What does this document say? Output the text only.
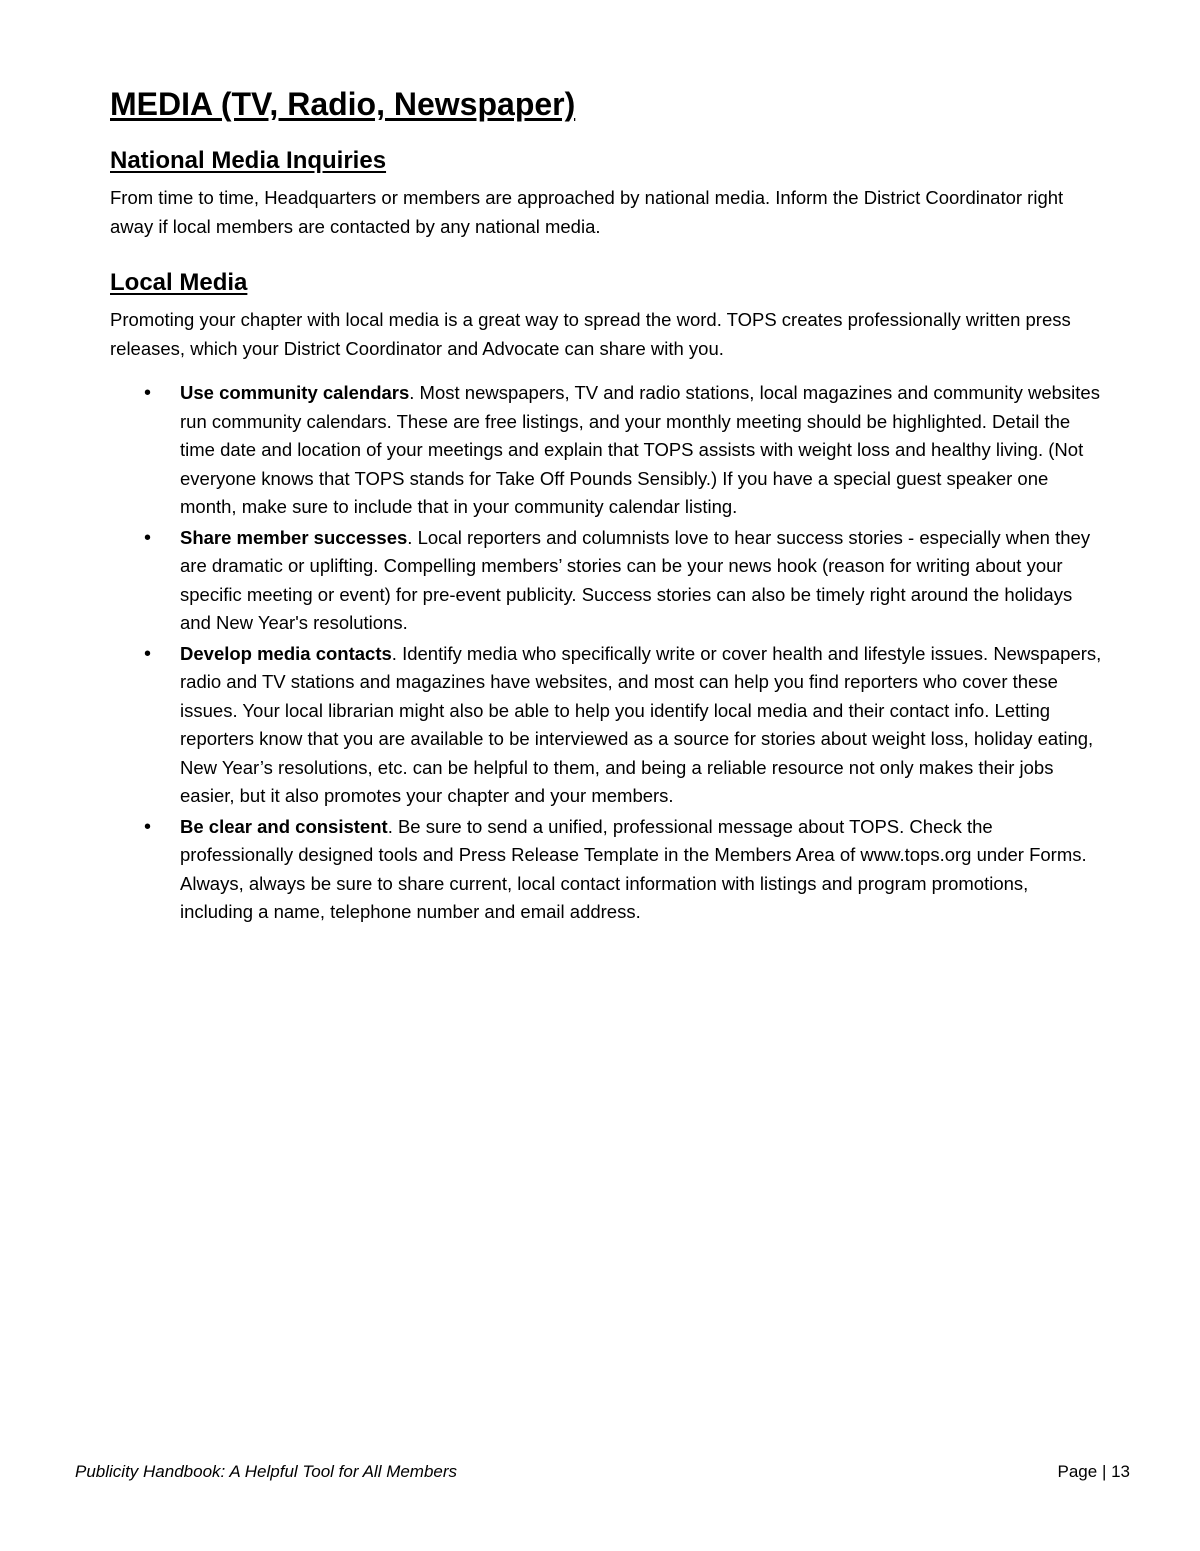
MEDIA (TV, Radio, Newspaper)
National Media Inquiries

From time to time, Headquarters or members are approached by national media. Inform the District Coordinator right away if local members are contacted by any national media.

Local Media

Promoting your chapter with local media is a great way to spread the word. TOPS creates professionally written press releases, which your District Coordinator and Advocate can share with you.

• Use community calendars. Most newspapers, TV and radio stations, local magazines and community websites run community calendars. These are free listings, and your monthly meeting should be highlighted. Detail the time date and location of your meetings and explain that TOPS assists with weight loss and healthy living. (Not everyone knows that TOPS stands for Take Off Pounds Sensibly.) If you have a special guest speaker one month, make sure to include that in your community calendar listing.
• Share member successes. Local reporters and columnists love to hear success stories - especially when they are dramatic or uplifting. Compelling members’ stories can be your news hook (reason for writing about your specific meeting or event) for pre-event publicity. Success stories can also be timely right around the holidays and New Year's resolutions.
• Develop media contacts. Identify media who specifically write or cover health and lifestyle issues. Newspapers, radio and TV stations and magazines have websites, and most can help you find reporters who cover these issues. Your local librarian might also be able to help you identify local media and their contact info. Letting reporters know that you are available to be interviewed as a source for stories about weight loss, holiday eating, New Year’s resolutions, etc. can be helpful to them, and being a reliable resource not only makes their jobs easier, but it also promotes your chapter and your members.
• Be clear and consistent. Be sure to send a unified, professional message about TOPS. Check the professionally designed tools and Press Release Template in the Members Area of www.tops.org under Forms. Always, always be sure to share current, local contact information with listings and program promotions, including a name, telephone number and email address.
Publicity Handbook: A Helpful Tool for All Members	Page | 13
